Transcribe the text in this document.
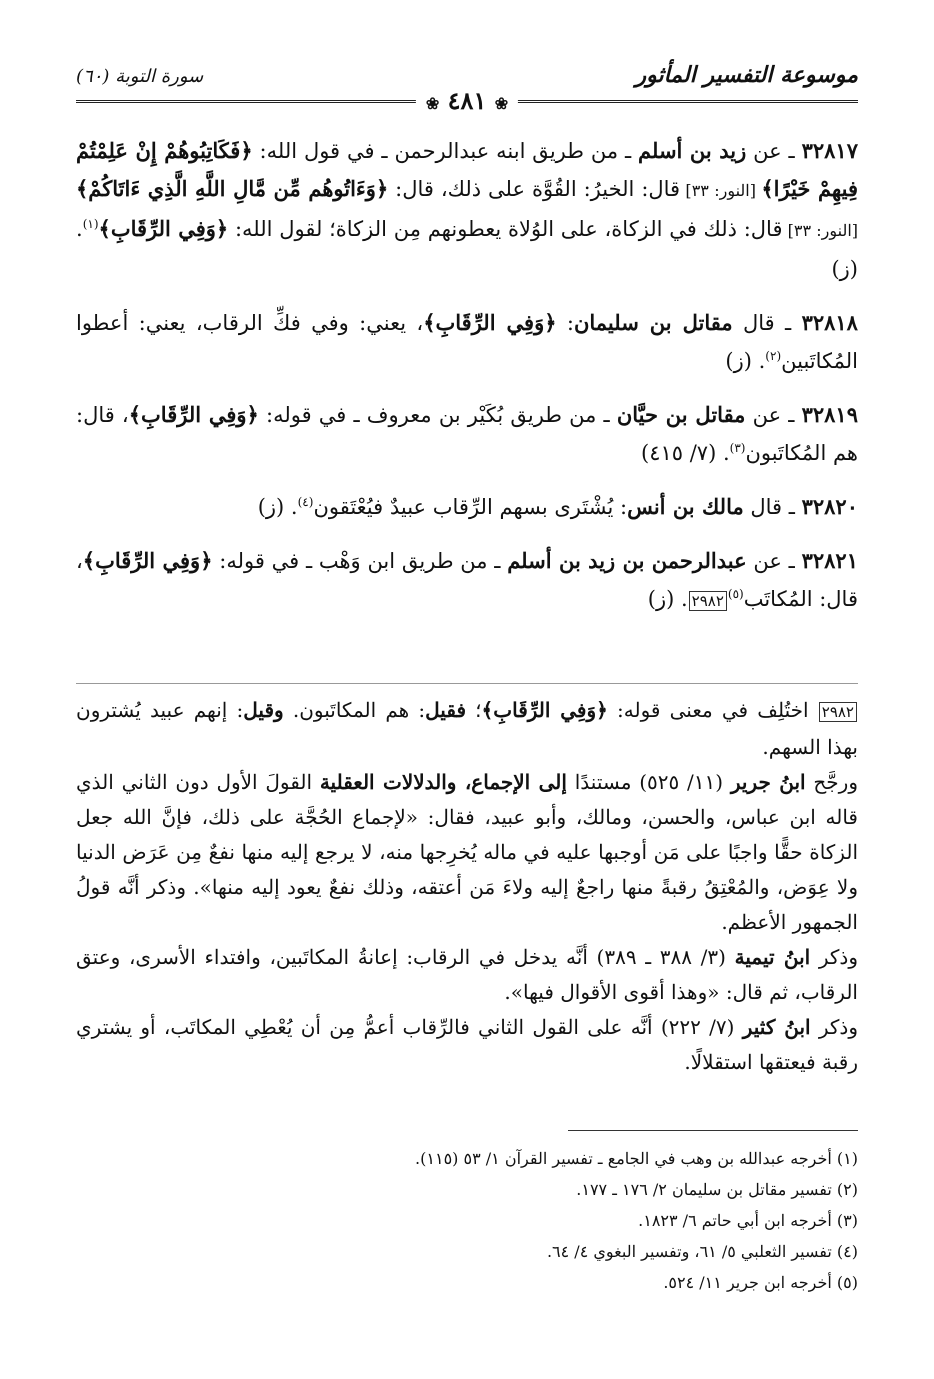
موسوعة التفسير المأثور
سورة التوبة (٦٠)
❀ ٤٨١ ❀

٣٢٨١٧ ـ عن زيد بن أسلم ـ من طريق ابنه عبدالرحمن ـ في قول الله: ﴿فَكَاتِبُوهُمْ إِنْ عَلِمْتُمْ فِيهِمْ خَيْرًا﴾ [النور: ٣٣] قال: الخيرُ: القُوَّة على ذلك، قال: ﴿وَءَاتُوهُم مِّن مَّالِ اللَّهِ الَّذِي ءَاتَاكُمْ﴾ [النور: ٣٣] قال: ذلك في الزكاة، على الوُلاة يعطونهم مِن الزكاة؛ لقول الله: ﴿وَفِي الرِّقَابِ﴾$^{(١)}$. (ز)

٣٢٨١٨ ـ قال مقاتل بن سليمان: ﴿وَفِي الرِّقَابِ﴾، يعني: وفي فكِّ الرقاب، يعني: أعطوا المُكاتَبين$^{(٢)}$. (ز)

٣٢٨١٩ ـ عن مقاتل بن حيَّان ـ من طريق بُكَيْر بن معروف ـ في قوله: ﴿وَفِي الرِّقَابِ﴾، قال: هم المُكاتَبون$^{(٣)}$. (٧/ ٤١٥)

٣٢٨٢٠ ـ قال مالك بن أنس: يُشْتَرى بسهم الرِّقاب عبيدٌ فيُعْتَقون$^{(٤)}$. (ز)

٣٢٨٢١ ـ عن عبدالرحمن بن زيد بن أسلم ـ من طريق ابن وَهْب ـ في قوله: ﴿وَفِي الرِّقَابِ﴾، قال: المُكاتَب$^{(٥)}$٢٩٨٢. (ز)

٢٩٨٢ اختُلِف في معنى قوله: ﴿وَفِي الرِّقَابِ﴾؛ فقيل: هم المكاتَبون. وقيل: إنهم عبيد يُشترون بهذا السهم.

ورجَّح ابنُ جرير (١١/ ٥٢٥) مستندًا إلى الإجماع، والدلالات العقلية القولَ الأول دون الثاني الذي قاله ابن عباس، والحسن، ومالك، وأبو عبيد، فقال: «لإجماع الحُجَّة على ذلك، فإنَّ الله جعل الزكاة حقًّا واجبًا على مَن أوجبها عليه في ماله يُخرِجها منه، لا يرجع إليه منها نفعٌ مِن عَرَض الدنيا ولا عِوَض، والمُعْتِقُ رقبةً منها راجعٌ إليه ولاءَ مَن أعتقه، وذلك نفعٌ يعود إليه منها». وذكر أنَّه قولُ الجمهور الأعظم.

وذكر ابنُ تيمية (٣/ ٣٨٨ ـ ٣٨٩) أنَّه يدخل في الرقاب: إعانةُ المكاتَبين، وافتداء الأسرى، وعتق الرقاب، ثم قال: «وهذا أقوى الأقوال فيها».

وذكر ابنُ كثير (٧/ ٢٢٢) أنَّه على القول الثاني فالرِّقاب أعمُّ مِن أن يُعْطِي المكاتَب، أو يشتري رقبة فيعتقها استقلالًا.

(١) أخرجه عبدالله بن وهب في الجامع ـ تفسير القرآن ١/ ٥٣ (١١٥).
(٢) تفسير مقاتل بن سليمان ٢/ ١٧٦ ـ ١٧٧.
(٣) أخرجه ابن أبي حاتم ٦/ ١٨٢٣.
(٤) تفسير الثعلبي ٥/ ٦١، وتفسير البغوي ٤/ ٦٤.
(٥) أخرجه ابن جرير ١١/ ٥٢٤.
